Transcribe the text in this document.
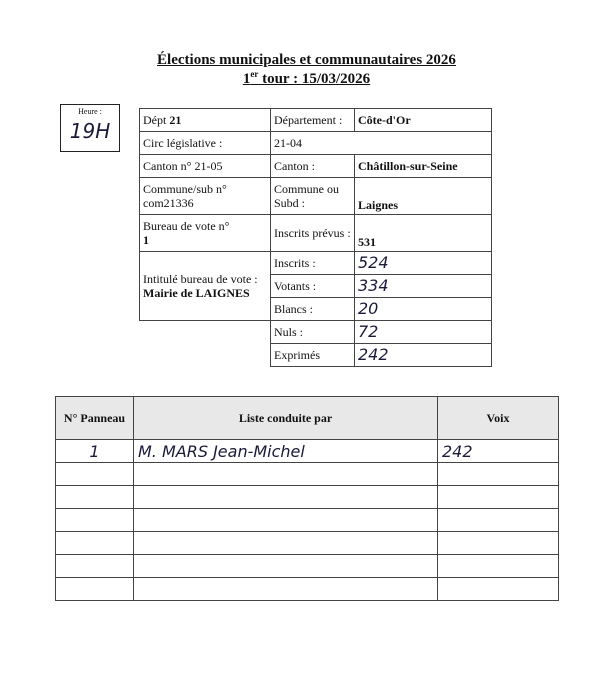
Élections municipales et communautaires 2026
1er tour : 15/03/2026
Heure :
19H	Dépt 21	Département :	Côte-d'Or
Circ législative :	21-04	
Canton n° 21-05	Canton :	Châtillon-sur-Seine
Commune/sub n° com21336	Commune ou Subd :	Laignes

Bureau de vote n°
1	Inscrits prévus :	531

Intitulé bureau de vote :
Mairie de LAIGNES	Inscrits :	524
	Votants :	334
	Blancs :	20
	Nuls :	72
	Exprimés	242
N° Panneau	Liste conduite par	Voix
1	M. MARS Jean-Michel	242
